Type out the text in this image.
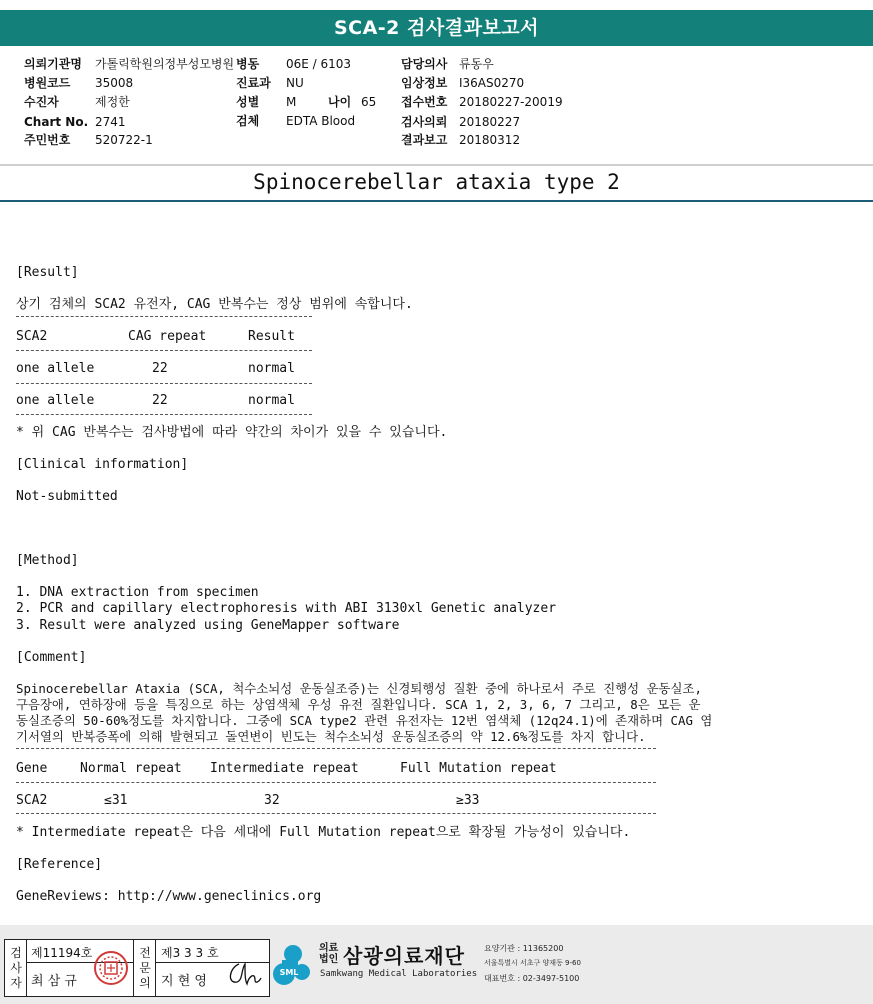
SCA-2 검사결과보고서
의뢰기관명 가톨릭학원의정부성모병원 병동 06E / 6103	담당의사 류동우
병원코드 35008	진료과 NU	임상정보 I36AS0270
수진자	제정한	성별 M	나이 65 접수번호 20180227-20019
Chart No. 2741	검체 EDTA Blood	검사의뢰 20180227
주민번호 520722-1	결과보고 20180312
Spinocerebellar ataxia type 2
[Result]
상기 검체의 SCA2 유전자, CAG 반복수는 정상 범위에 속합니다.
SCA2	CAG repeat	Result
one allele	22	normal
one allele	22	normal
* 위 CAG 반복수는 검사방법에 따라 약간의 차이가 있을 수 있습니다.
[Clinical information]
Not-submitted
[Method]
1. DNA extraction from specimen
2. PCR and capillary electrophoresis with ABI 3130xl Genetic analyzer
3. Result were analyzed using GeneMapper software
[Comment]
Spinocerebellar Ataxia (SCA, 척수소뇌성 운동실조증)는 신경퇴행성 질환 중에 하나로서 주로 진행성 운동실조,
구음장애, 연하장애 등을 특징으로 하는 상염색체 우성 유전 질환입니다. SCA 1, 2, 3, 6, 7 그리고, 8은 모든 운
동실조증의 50-60%정도를 차지합니다. 그중에 SCA type2 관련 유전자는 12번 염색체 (12q24.1)에 존재하며 CAG 염
기서열의 반복증폭에 의해 발현되고 돌연변이 빈도는 척수소뇌성 운동실조증의 약 12.6%정도를 차지 합니다.
Gene	Normal repeat Intermediate repeat	Full Mutation repeat
SCA2	≤31	32	≥33
* Intermediate repeat은 다음 세대에 Full Mutation repeat으로 확장될 가능성이 있습니다.
[Reference]
GeneReviews: http://www.geneclinics.org
검
사
자
제11194호
최 삼 규
전
문
의
제3 3 3 호
지 현 영
SML
의료
법인 삼광의료재단
Samkwang Medical Laboratories
요양기관 : 11365200
서울특별시 서초구 양재동 9-60
대표번호 : 02-3497-5100
